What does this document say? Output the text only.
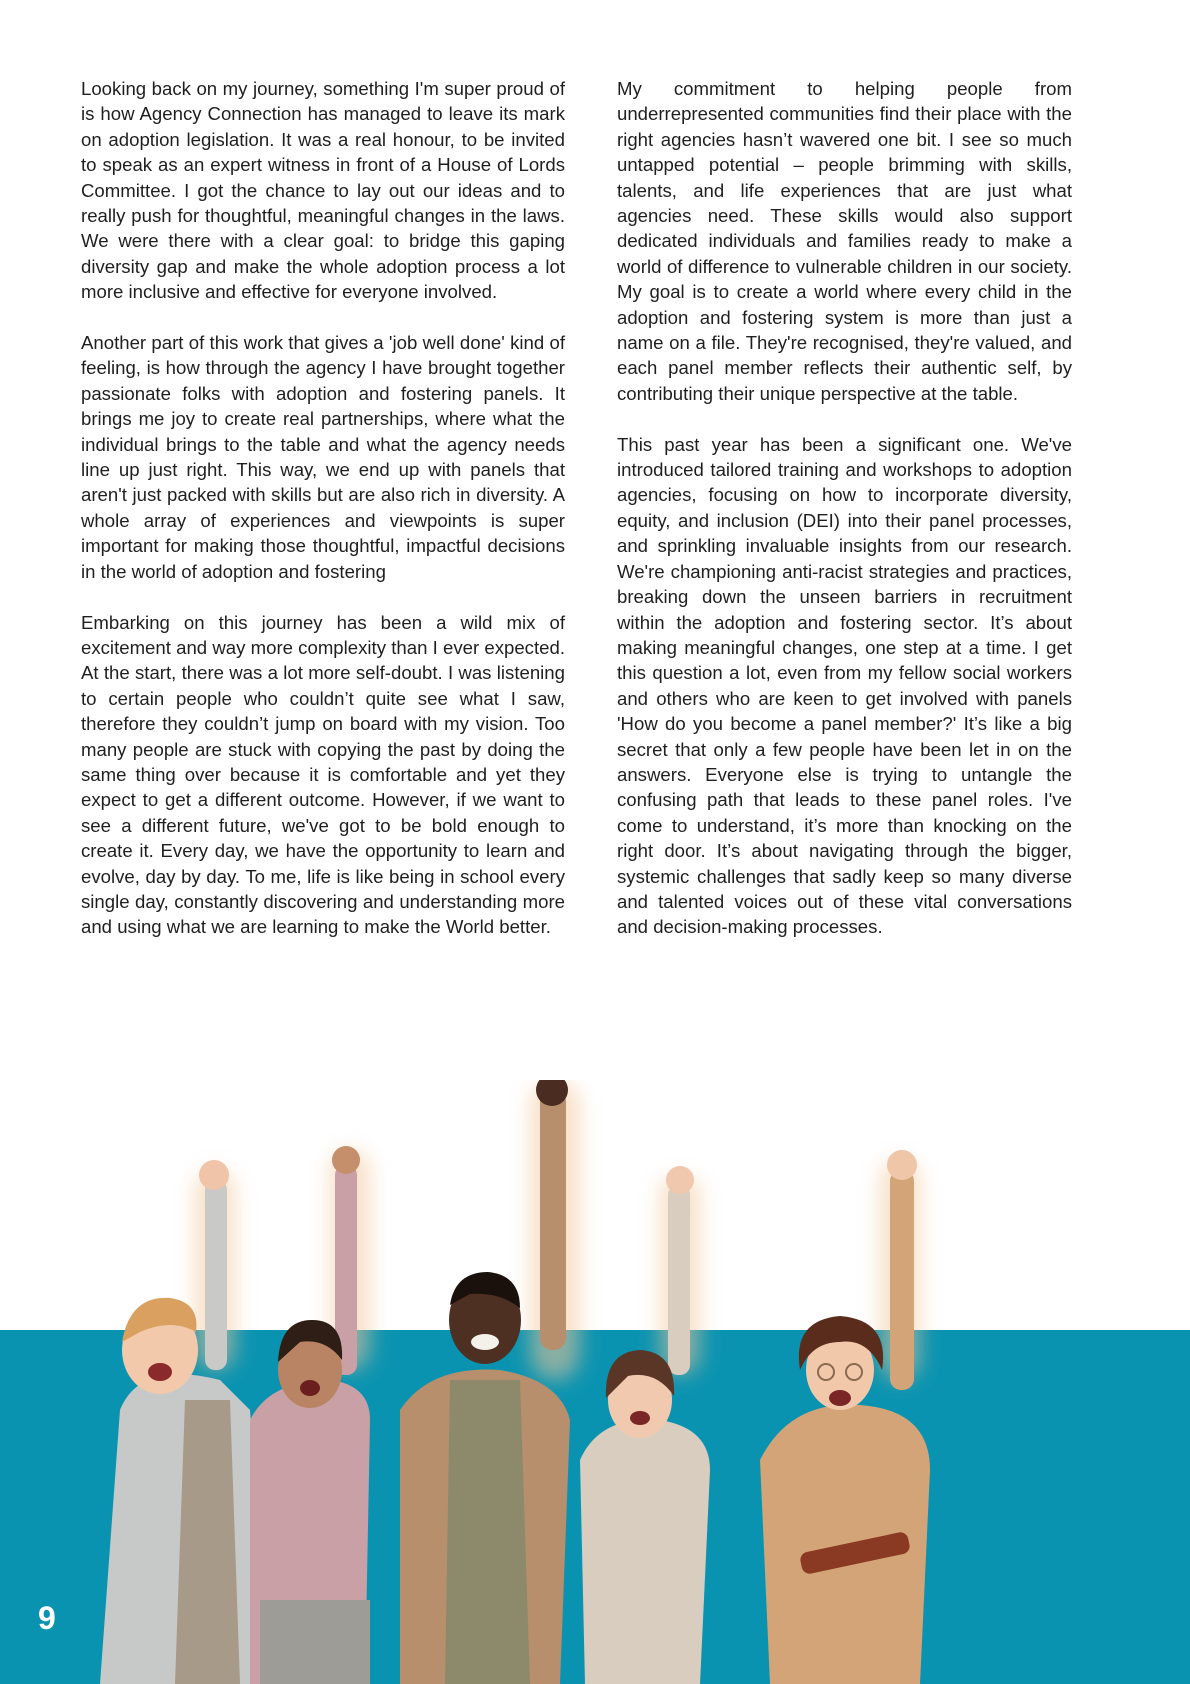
Looking back on my journey, something I'm super proud of is how Agency Connection has managed to leave its mark on adoption legislation. It was a real honour, to be invited to speak as an expert witness in front of a House of Lords Committee. I got the chance to lay out our ideas and to really push for thoughtful, meaningful changes in the laws. We were there with a clear goal: to bridge this gaping diversity gap and make the whole adoption process a lot more inclusive and effective for everyone involved.

Another part of this work that gives a 'job well done' kind of feeling, is how through the agency I have brought together passionate folks with adoption and fostering panels. It brings me joy to create real partnerships, where what the individual brings to the table and what the agency needs line up just right. This way, we end up with panels that aren't just packed with skills but are also rich in diversity. A whole array of experiences and viewpoints is super important for making those thoughtful, impactful decisions in the world of adoption and fostering

Embarking on this journey has been a wild mix of excitement and way more complexity than I ever expected. At the start, there was a lot more self-doubt. I was listening to certain people who couldn’t quite see what I saw, therefore they couldn’t jump on board with my vision. Too many people are stuck with copying the past by doing the same thing over because it is comfortable and yet they expect to get a different outcome. However, if we want to see a different future, we've got to be bold enough to create it. Every day, we have the opportunity to learn and evolve, day by day. To me, life is like being in school every single day, constantly discovering and understanding more and using what we are learning to make the World better.

My commitment to helping people from underrepresented communities find their place with the right agencies hasn’t wavered one bit. I see so much untapped potential – people brimming with skills, talents, and life experiences that are just what agencies need. These skills would also support dedicated individuals and families ready to make a world of difference to vulnerable children in our society. My goal is to create a world where every child in the adoption and fostering system is more than just a name on a file. They're recognised, they're valued, and each panel member reflects their authentic self, by contributing their unique perspective at the table.

This past year has been a significant one. We've introduced tailored training and workshops to adoption agencies, focusing on how to incorporate diversity, equity, and inclusion (DEI) into their panel processes, and sprinkling invaluable insights from our research. We're championing anti-racist strategies and practices, breaking down the unseen barriers in recruitment within the adoption and fostering sector. It’s about making meaningful changes, one step at a time. I get this question a lot, even from my fellow social workers and others who are keen to get involved with panels 'How do you become a panel member?' It’s like a big secret that only a few people have been let in on the answers. Everyone else is trying to untangle the confusing path that leads to these panel roles. I've come to understand, it’s more than knocking on the right door. It’s about navigating through the bigger, systemic challenges that sadly keep so many diverse and talented voices out of these vital conversations and decision-making processes.

9
